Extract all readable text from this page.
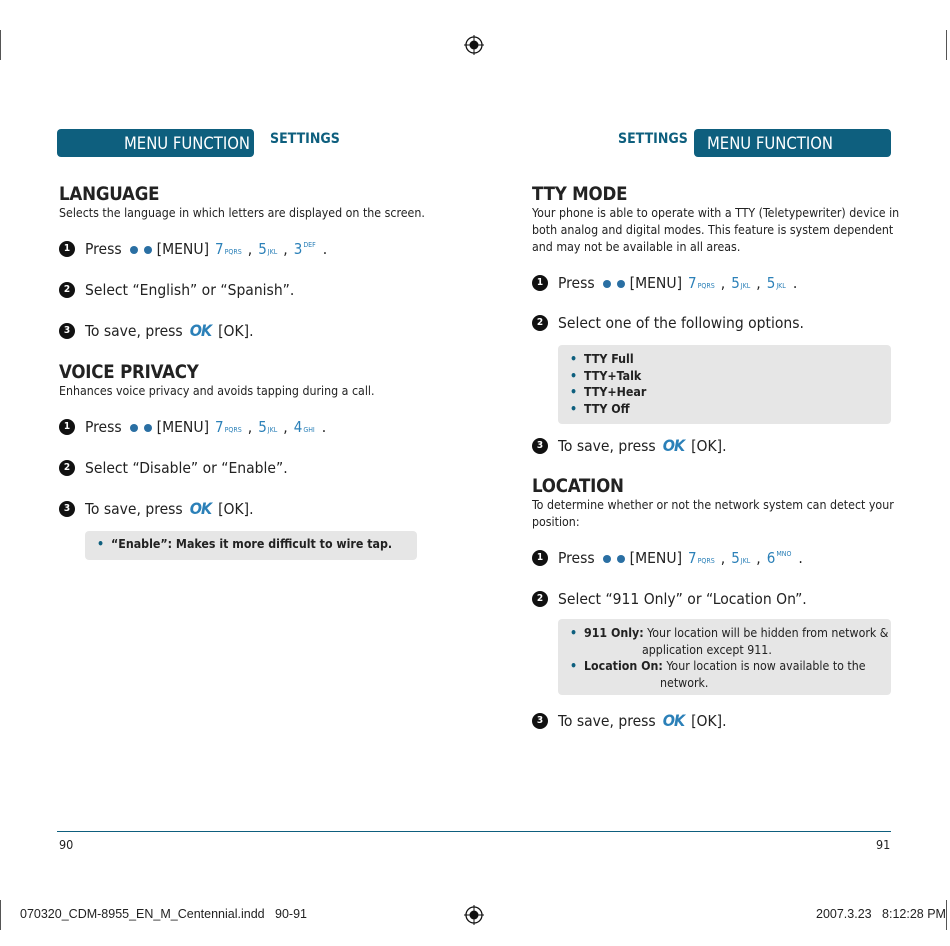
MENU FUNCTION SETTINGS	SETTINGS	MENU FUNCTION
LANGUAGE
Selects the language in which letters are displayed on the screen.
1 Press [MENU] 7 PQRS , 5 JKL , 3 DEF .
2 Select “English” or “Spanish”.
3 To save, press OK [OK].
VOICE PRIVACY
Enhances voice privacy and avoids tapping during a call.
1 Press [MENU] 7 PQRS , 5 JKL , 4 GHI .
2 Select “Disable” or “Enable”.
3 To save, press OK [OK].
• “Enable”: Makes it more difficult to wire tap.
TTY MODE
Your phone is able to operate with a TTY (Teletypewriter) device in
both analog and digital modes. This feature is system dependent
and may not be available in all areas.
1 Press [MENU] 7 PQRS , 5 JKL , 5 JKL .
2 Select one of the following options.
• TTY Full
• TTY+Talk
• TTY+Hear
• TTY Off
3 To save, press OK [OK].
LOCATION
To determine whether or not the network system can detect your
position:
1 Press [MENU] 7 PQRS , 5 JKL , 6 MNO .
2 Select “911 Only” or “Location On”.
• 911 Only: Your location will be hidden from network &
application except 911.
• Location On: Your location is now available to the
network.
3 To save, press OK [OK].
90	91
070320_CDM-8955_EN_M_Centennial.indd   90-91	2007.3.23   8:12:28 PM
